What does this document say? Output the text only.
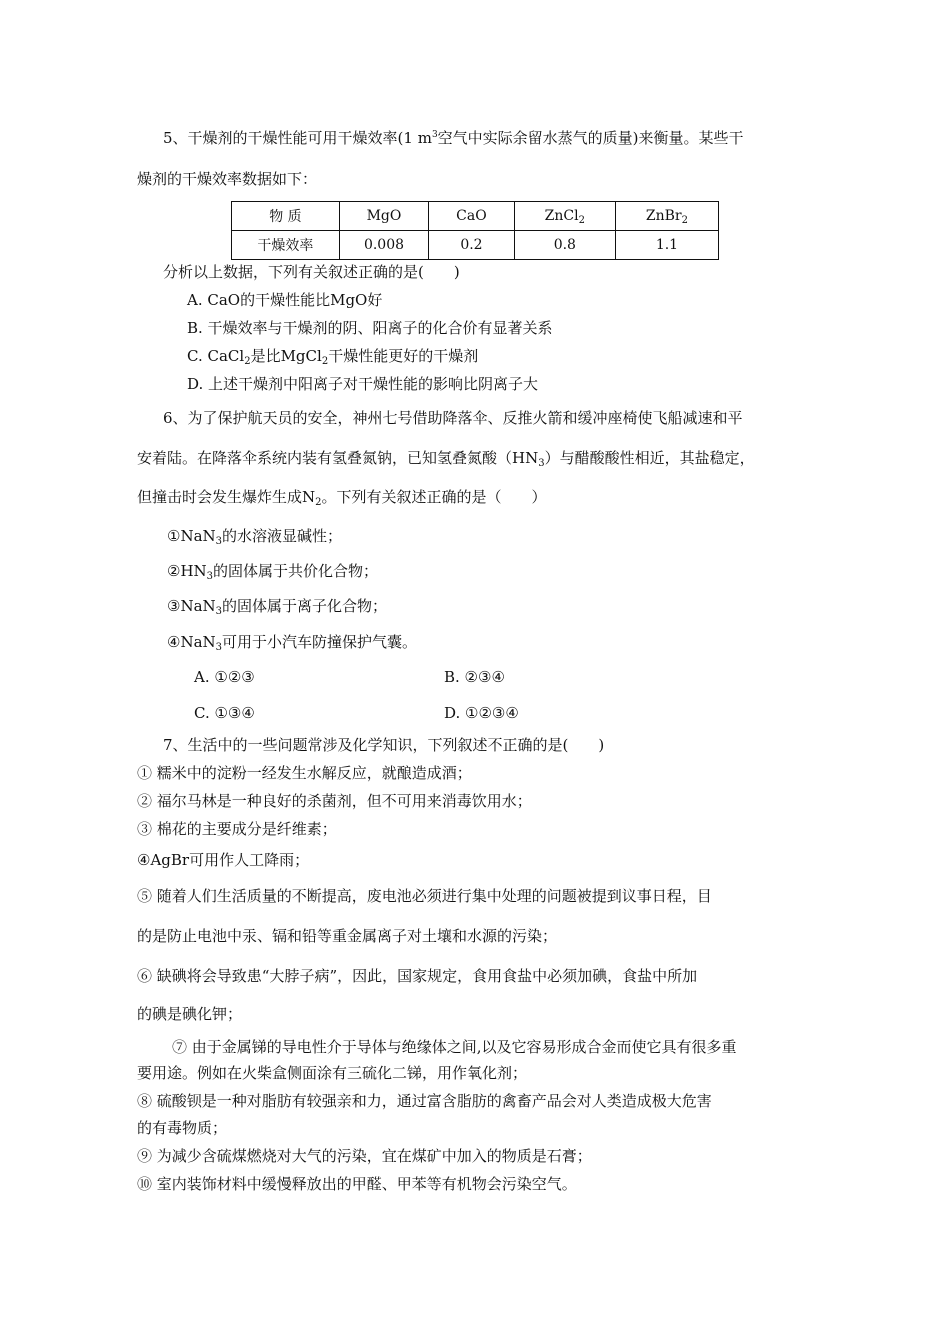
5、干燥剂的干燥性能可用干燥效率(1 $m^3$空气中实际余留水蒸气的质量)来衡量。某些干
燥剂的干燥效率数据如下：
物 质	MgO	CaO	ZnCl$_2$	ZnBr$_2$
干燥效率	0.008	0.2	0.8	1.1
分析以上数据，下列有关叙述正确的是(　　)
A. CaO的干燥性能比MgO好
B. 干燥效率与干燥剂的阴、阳离子的化合价有显著关系
C. CaCl$_2$是比MgCl$_2$干燥性能更好的干燥剂
D. 上述干燥剂中阳离子对干燥性能的影响比阴离子大
6、为了保护航天员的安全，神州七号借助降落伞、反推火箭和缓冲座椅使飞船减速和平
安着陆。在降落伞系统内装有氢叠氮钠，已知氢叠氮酸$(HN_3)$与醋酸酸性相近，其盐稳定，
但撞击时会发生爆炸生成$N_2$。下列有关叙述正确的是（　　）
①NaN$_3$的水溶液显碱性；
$②HN_3$的固体属于共价化合物；
③NaN$_3$的固体属于离子化合物；
④NaN$_3$可用于小汽车防撞保护气囊。
A. ①②③	B. ②③④
C. ①③④	D. ①②③④
7、生活中的一些问题常涉及化学知识，下列叙述不正确的是(　　)
① 糯米中的淀粉一经发生水解反应，就酿造成酒；
② 福尔马林是一种良好的杀菌剂，但不可用来消毒饮用水；
③ 棉花的主要成分是纤维素；
④AgBr可用作人工降雨；
⑤ 随着人们生活质量的不断提高，废电池必须进行集中处理的问题被提到议事日程，目
的是防止电池中汞、镉和铅等重金属离子对土壤和水源的污染；
⑥ 缺碘将会导致患“大脖子病”，因此，国家规定，食用食盐中必须加碘，食盐中所加
的碘是碘化钾；
⑦ 由于金属锑的导电性介于导体与绝缘体之间,以及它容易形成合金而使它具有很多重
要用途。例如在火柴盒侧面涂有三硫化二锑，用作氧化剂；
⑧ 硫酸钡是一种对脂肪有较强亲和力，通过富含脂肪的禽畜产品会对人类造成极大危害
的有毒物质；
⑨ 为减少含硫煤燃烧对大气的污染，宜在煤矿中加入的物质是石膏；
⑩ 室内装饰材料中缓慢释放出的甲醛、甲苯等有机物会污染空气。
